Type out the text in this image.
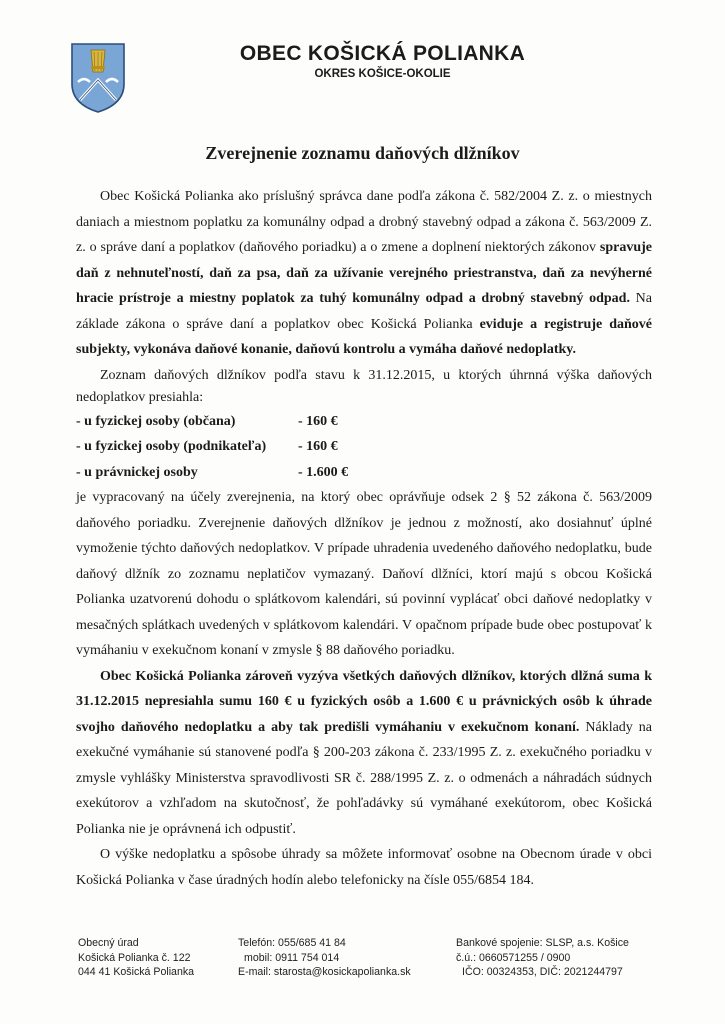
OBEC KOŠICKÁ POLIANKA
OKRES KOŠICE-OKOLIE
Zverejnenie zoznamu daňových dlžníkov

Obec Košická Polianka ako príslušný správca dane podľa zákona č. 582/2004 Z. z. o miestnych daniach a miestnom poplatku za komunálny odpad a drobný stavebný odpad a zákona č. 563/2009 Z. z. o správe daní a poplatkov (daňového poriadku) a o zmene a doplnení niektorých zákonov spravuje daň z nehnuteľností, daň za psa, daň za užívanie verejného priestranstva, daň za nevýherné hracie prístroje a miestny poplatok za tuhý komunálny odpad a drobný stavebný odpad. Na základe zákona o správe daní a poplatkov obec Košická Polianka eviduje a registruje daňové subjekty, vykonáva daňové konanie, daňovú kontrolu a vymáha daňové nedoplatky.

Zoznam daňových dlžníkov podľa stavu k 31.12.2015, u ktorých úhrnná výška daňových nedoplatkov presiahla:

- u fyzickej osoby (občana)	- 160 €
- u fyzickej osoby (podnikateľa)	- 160 €
- u právnickej osoby	- 1.600 €

je vypracovaný na účely zverejnenia, na ktorý obec oprávňuje odsek 2 § 52 zákona č. 563/2009 daňového poriadku. Zverejnenie daňových dlžníkov je jednou z možností, ako dosiahnuť úplné vymoženie týchto daňových nedoplatkov. V prípade uhradenia uvedeného daňového nedoplatku, bude daňový dlžník zo zoznamu neplatičov vymazaný. Daňoví dlžníci, ktorí majú s obcou Košická Polianka uzatvorenú dohodu o splátkovom kalendári, sú povinní vyplácať obci daňové nedoplatky v mesačných splátkach uvedených v splátkovom kalendári. V opačnom prípade bude obec postupovať k vymáhaniu v exekučnom konaní v zmysle § 88 daňového poriadku.

Obec Košická Polianka zároveň vyzýva všetkých daňových dlžníkov, ktorých dlžná suma k 31.12.2015 nepresiahla sumu 160 € u fyzických osôb a 1.600 € u právnických osôb k úhrade svojho daňového nedoplatku a aby tak predišli vymáhaniu v exekučnom konaní. Náklady na exekučné vymáhanie sú stanovené podľa § 200-203 zákona č. 233/1995 Z. z. exekučného poriadku v zmysle vyhlášky Ministerstva spravodlivosti SR č. 288/1995 Z. z. o odmenách a náhradách súdnych exekútorov a vzhľadom na skutočnosť, že pohľadávky sú vymáhané exekútorom, obec Košická Polianka nie je oprávnená ich odpustiť.

O výške nedoplatku a spôsobe úhrady sa môžete informovať osobne na Obecnom úrade v obci Košická Polianka v čase úradných hodín alebo telefonicky na čísle 055/6854 184.

Obecný úrad
Košická Polianka č. 122
044 41 Košická Polianka
Telefón: 055/685 41 84
mobil: 0911 754 014
E-mail: starosta@kosickapolianka.sk
Bankové spojenie: SLSP, a.s. Košice
č.ú.: 0660571255 / 0900
IČO: 00324353, DIČ: 2021244797
